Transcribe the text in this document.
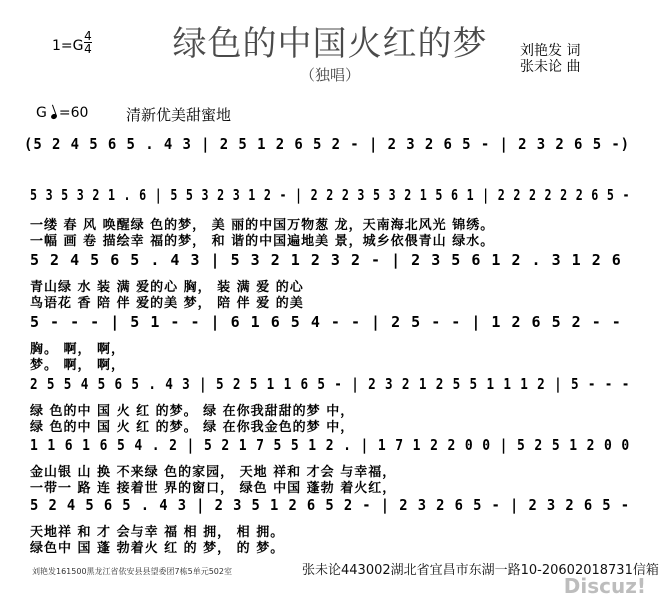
绿色的中国火红的梦
（独唱）
1=G
4
4	刘艳发 词
张未论 曲
G =60	清新优美甜蜜地
(5 2 4 5 6 5 . 4 3 | 2 5 1 2 6 5 2 - | 2 3 2 6 5 - | 2 3 2 6 5 -)
5 3 5 3 2 1 . 6 | 5 5 3 2 3 1 2 - | 2 2 2 3 5 3 2 1 5 6 1 | 2 2 2 2 2 2 6 5 -
一缕 春 风 唤醒绿 色的梦， 美 丽的中国万物葱 龙，天南海北风光 锦绣。
一幅 画 卷 描绘幸 福的梦， 和 谐的中国遍地美 景，城乡依偎青山 绿水。
5 2 4 5 6 5 . 4 3 | 5 3 2 1 2 3 2 - | 2 3 5 6 1 2 . 3 1 2 6
青山绿 水 装 满 爱的心 胸， 装 满 爱 的心
鸟语花 香 陪 伴 爱的美 梦， 陪 伴 爱 的美
5 - - - | 5 1 - - | 6 1 6 5 4 - - | 2 5 - - | 1 2 6 5 2 - -
胸。 啊， 啊，
梦。 啊， 啊，
2 5 5 4 5 6 5 . 4 3 | 5 2 5 1 1 6 5 - | 2 3 2 1 2 5 5 1 1 1 2 | 5 - - -
绿 色的中 国 火 红 的梦。 绿 在你我甜甜的梦 中，
绿 色的中 国 火 红 的梦。 绿 在你我金色的梦 中，
1 1 6 1 6 5 4 . 2 | 5 2 1 7 5 5 1 2 . | 1 7 1 2 2 0 0 | 5 2 5 1 2 0 0
金山银 山 换 不来绿 色的家园， 天地 祥和 才会 与幸福，
一带一 路 连 接着世 界的窗口， 绿色 中国 蓬勃 着火红，
5 2 4 5 6 5 . 4 3 | 2 3 5 1 2 6 5 2 - | 2 3 2 6 5 - | 2 3 2 6 5 -
天地祥 和 才 会与幸 福 相 拥， 相 拥。
绿色中 国 蓬 勃着火 红 的 梦， 的 梦。
刘艳发161500黑龙江省依安县县望委团7栋5单元502室	张未论443002湖北省宜昌市东湖一路10-20602018731信箱
Discuz!
